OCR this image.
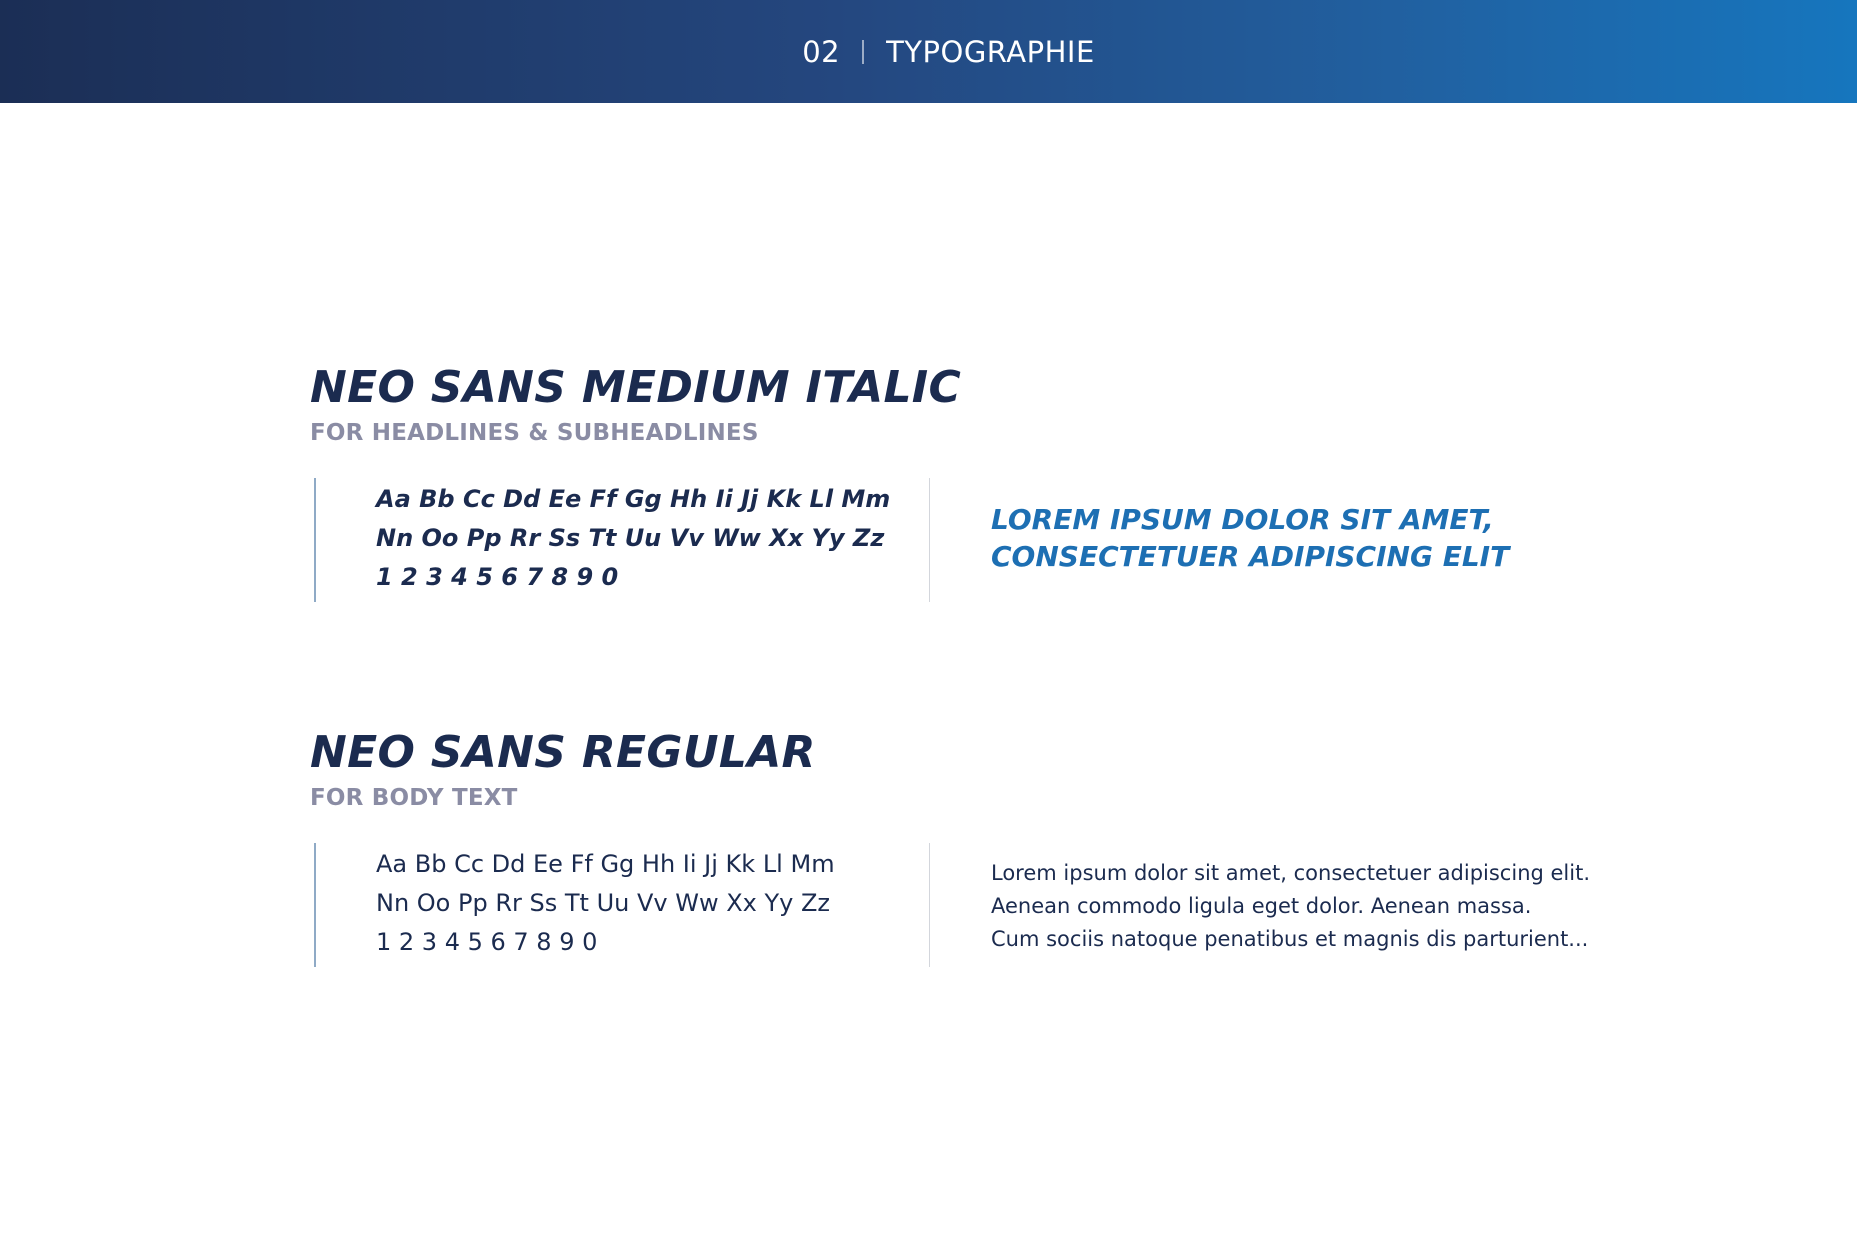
02 TYPOGRAPHIE
NEO SANS MEDIUM ITALIC
FOR HEADLINES & SUBHEADLINES
Aa Bb Cc Dd Ee Ff Gg Hh Ii Jj Kk Ll Mm
Nn Oo Pp Rr Ss Tt Uu Vv Ww Xx Yy Zz
1 2 3 4 5 6 7 8 9 0
LOREM IPSUM DOLOR SIT AMET,
CONSECTETUER ADIPISCING ELIT
NEO SANS REGULAR
FOR BODY TEXT
Aa Bb Cc Dd Ee Ff Gg Hh Ii Jj Kk Ll Mm
Nn Oo Pp Rr Ss Tt Uu Vv Ww Xx Yy Zz
1 2 3 4 5 6 7 8 9 0
Lorem ipsum dolor sit amet, consectetuer adipiscing elit.
Aenean commodo ligula eget dolor. Aenean massa.
Cum sociis natoque penatibus et magnis dis parturient...
